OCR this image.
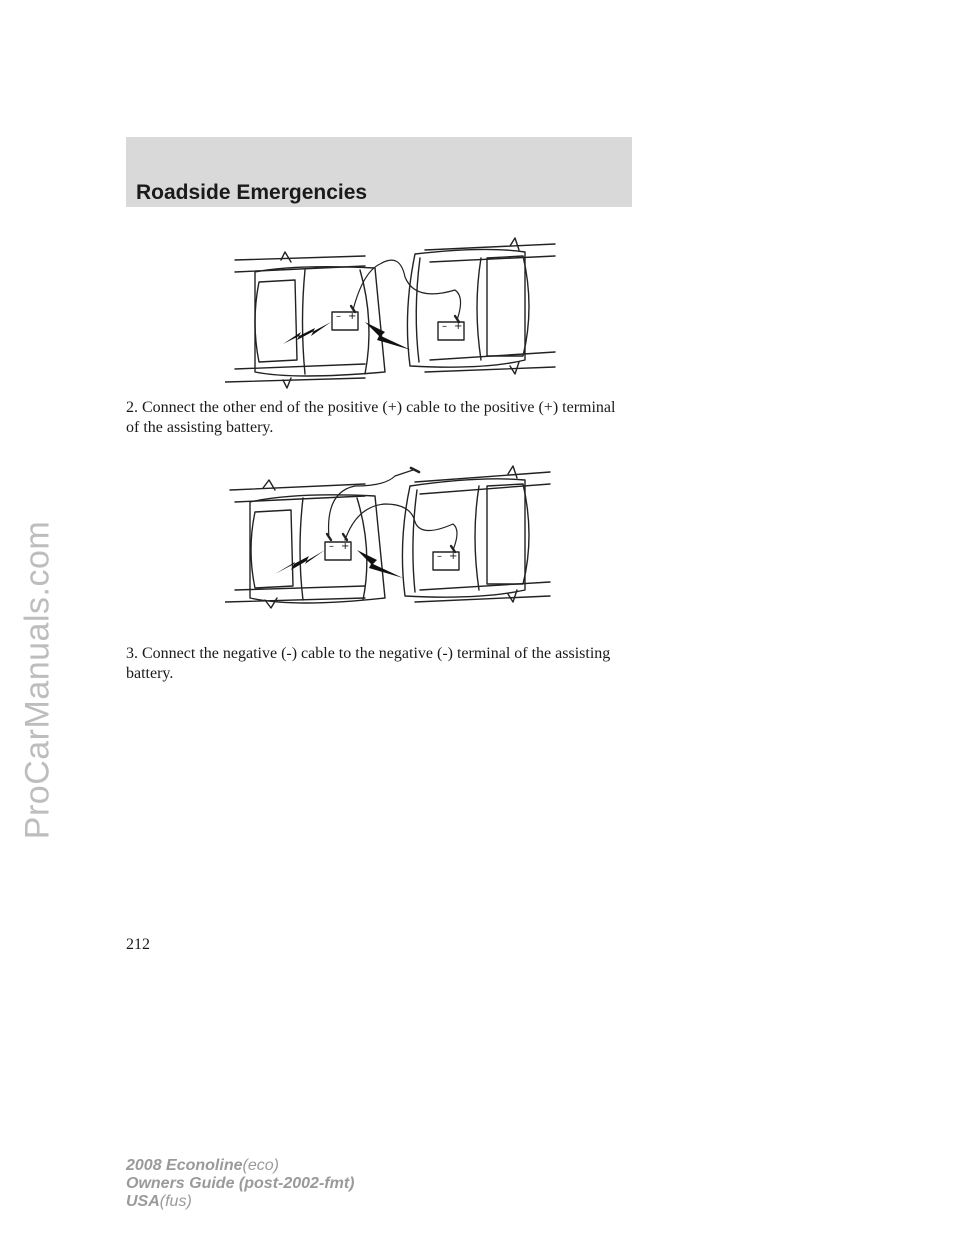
ProCarManuals.com
Roadside Emergencies
– +
– +

2. Connect the other end of the positive (+) cable to the positive (+) terminal of the assisting battery.

– +
– +

3. Connect the negative (-) cable to the negative (-) terminal of the assisting battery.

212
2008 Econoline(eco)
Owners Guide (post-2002-fmt)
USA(fus)
